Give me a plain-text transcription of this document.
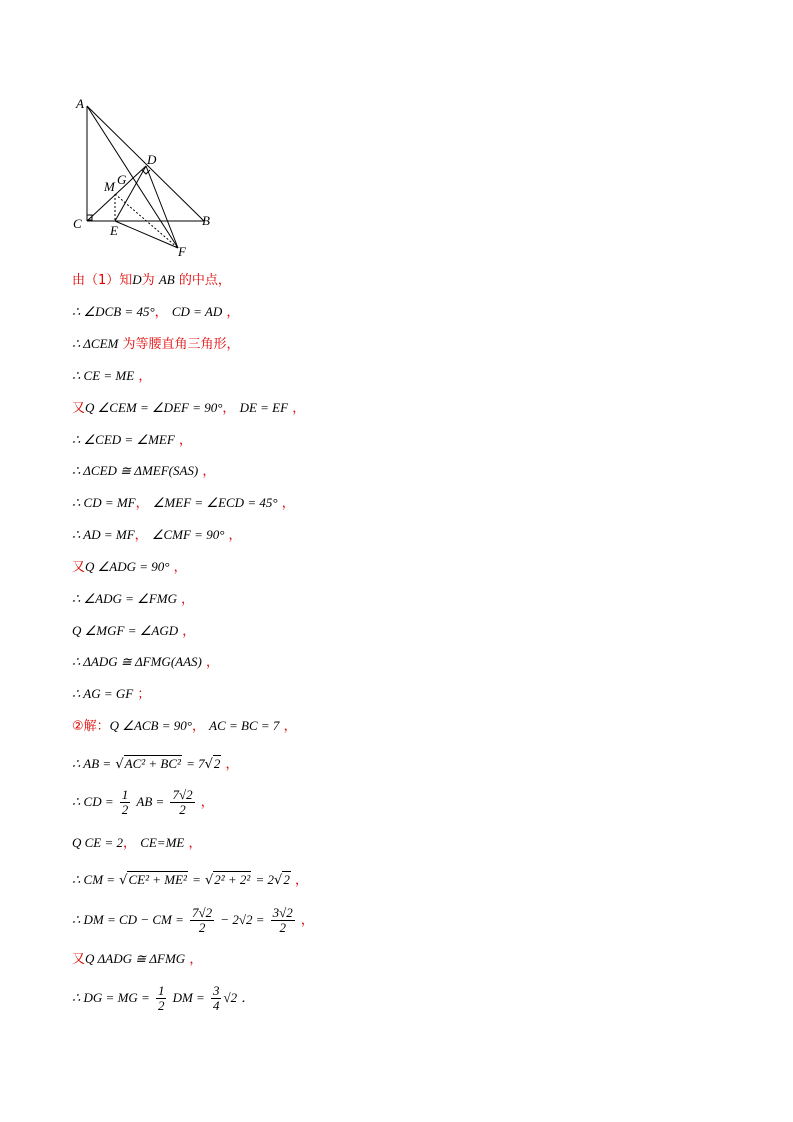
A
C	B
D
G
M
E
F
由（1）知D为 AB 的中点，
∴ ∠DCB = 45°， CD = AD ，
∴ ΔCEM 为等腰直角三角形，
∴ CE = ME ，
又Q ∠CEM = ∠DEF = 90°， DE = EF ，
∴ ∠CED = ∠MEF ，
∴ ΔCED ≅ ΔMEF(SAS) ，
∴ CD = MF， ∠MEF = ∠ECD = 45° ，
∴ AD = MF， ∠CMF = 90° ，
又Q ∠ADG = 90° ，
∴ ∠ADG = ∠FMG ，
Q ∠MGF = ∠AGD ，
∴ ΔADG ≅ ΔFMG(AAS) ，
∴ AG = GF ；
②解：Q ∠ACB = 90°， AC = BC = 7 ，
∴ AB = √AC² + BC² = 7√2 ，
∴ CD = $\frac{1}{2}$ AB = $\frac{7√2}{2}$ ，
Q CE = 2， CE=ME ，
∴ CM = √CE² + ME² = √2² + 2² = 2√2 ，
∴ DM = CD − CM = $\frac{7√2}{2} - 2√2 = \frac{3√2}{2}$ ，
又Q ΔADG ≅ ΔFMG ，
∴ DG = MG = $\frac{1}{2}$ DM = $\frac{3}{4} √2$ ．
